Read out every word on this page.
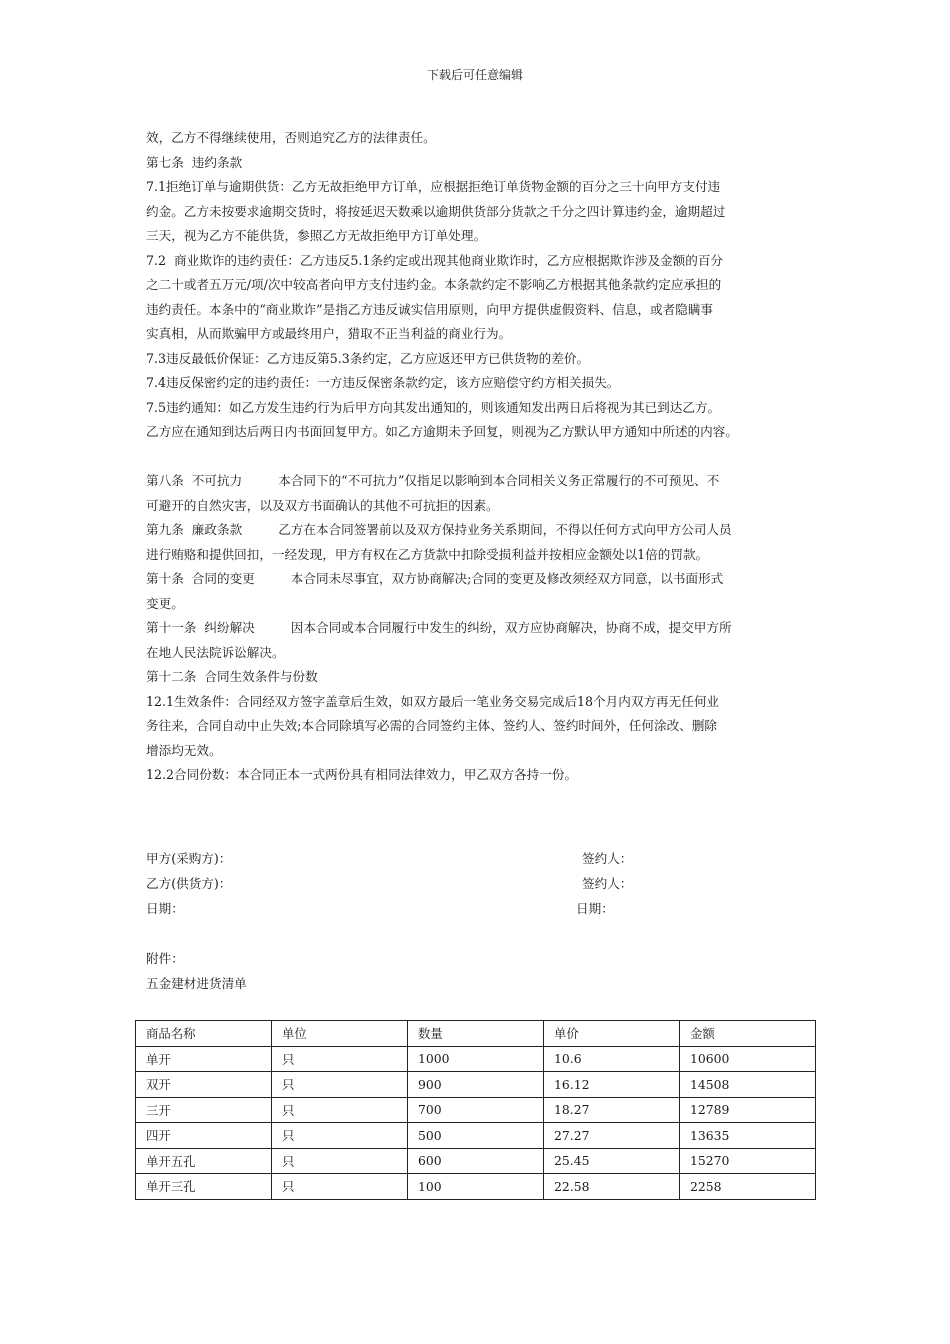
下载后可任意编辑
效，乙方不得继续使用，否则追究乙方的法律责任。
第七条  违约条款
7.1拒绝订单与逾期供货：乙方无故拒绝甲方订单，应根据拒绝订单货物金额的百分之三十向甲方支付违
约金。乙方未按要求逾期交货时，将按延迟天数乘以逾期供货部分货款之千分之四计算违约金，逾期超过
三天，视为乙方不能供货，参照乙方无故拒绝甲方订单处理。
7.2  商业欺诈的违约责任：乙方违反5.1条约定或出现其他商业欺诈时，乙方应根据欺诈涉及金额的百分
之二十或者五万元/项/次中较高者向甲方支付违约金。本条款约定不影响乙方根据其他条款约定应承担的
违约责任。本条中的“商业欺诈”是指乙方违反诚实信用原则，向甲方提供虚假资料、信息，或者隐瞒事
实真相，从而欺骗甲方或最终用户，猎取不正当利益的商业行为。
7.3违反最低价保证：乙方违反第5.3条约定，乙方应返还甲方已供货物的差价。
7.4违反保密约定的违约责任：一方违反保密条款约定，该方应赔偿守约方相关损失。
7.5违约通知：如乙方发生违约行为后甲方向其发出通知的，则该通知发出两日后将视为其已到达乙方。
乙方应在通知到达后两日内书面回复甲方。如乙方逾期未予回复，则视为乙方默认甲方通知中所述的内容。
第八条  不可抗力         本合同下的“不可抗力”仅指足以影响到本合同相关义务正常履行的不可预见、不
可避开的自然灾害，以及双方书面确认的其他不可抗拒的因素。
第九条  廉政条款         乙方在本合同签署前以及双方保持业务关系期间，不得以任何方式向甲方公司人员
进行贿赂和提供回扣，一经发现，甲方有权在乙方货款中扣除受损利益并按相应金额处以1倍的罚款。
第十条  合同的变更         本合同未尽事宜，双方协商解决;合同的变更及修改须经双方同意，以书面形式
变更。
第十一条  纠纷解决         因本合同或本合同履行中发生的纠纷，双方应协商解决，协商不成，提交甲方所
在地人民法院诉讼解决。
第十二条  合同生效条件与份数
12.1生效条件：合同经双方签字盖章后生效，如双方最后一笔业务交易完成后18个月内双方再无任何业
务往来，合同自动中止失效;本合同除填写必需的合同签约主体、签约人、签约时间外，任何涂改、删除
增添均无效。
12.2合同份数：本合同正本一式两份具有相同法律效力，甲乙双方各持一份。
甲方(采购方)：	签约人：
乙方(供货方)：	签约人：
日期：	日期：
附件：
五金建材进货清单
商品名称	单位	数量	单价	金额
单开	只	1000	10.6	10600
双开	只	900	16.12	14508
三开	只	700	18.27	12789
四开	只	500	27.27	13635
单开五孔	只	600	25.45	15270
单开三孔	只	100	22.58	2258
